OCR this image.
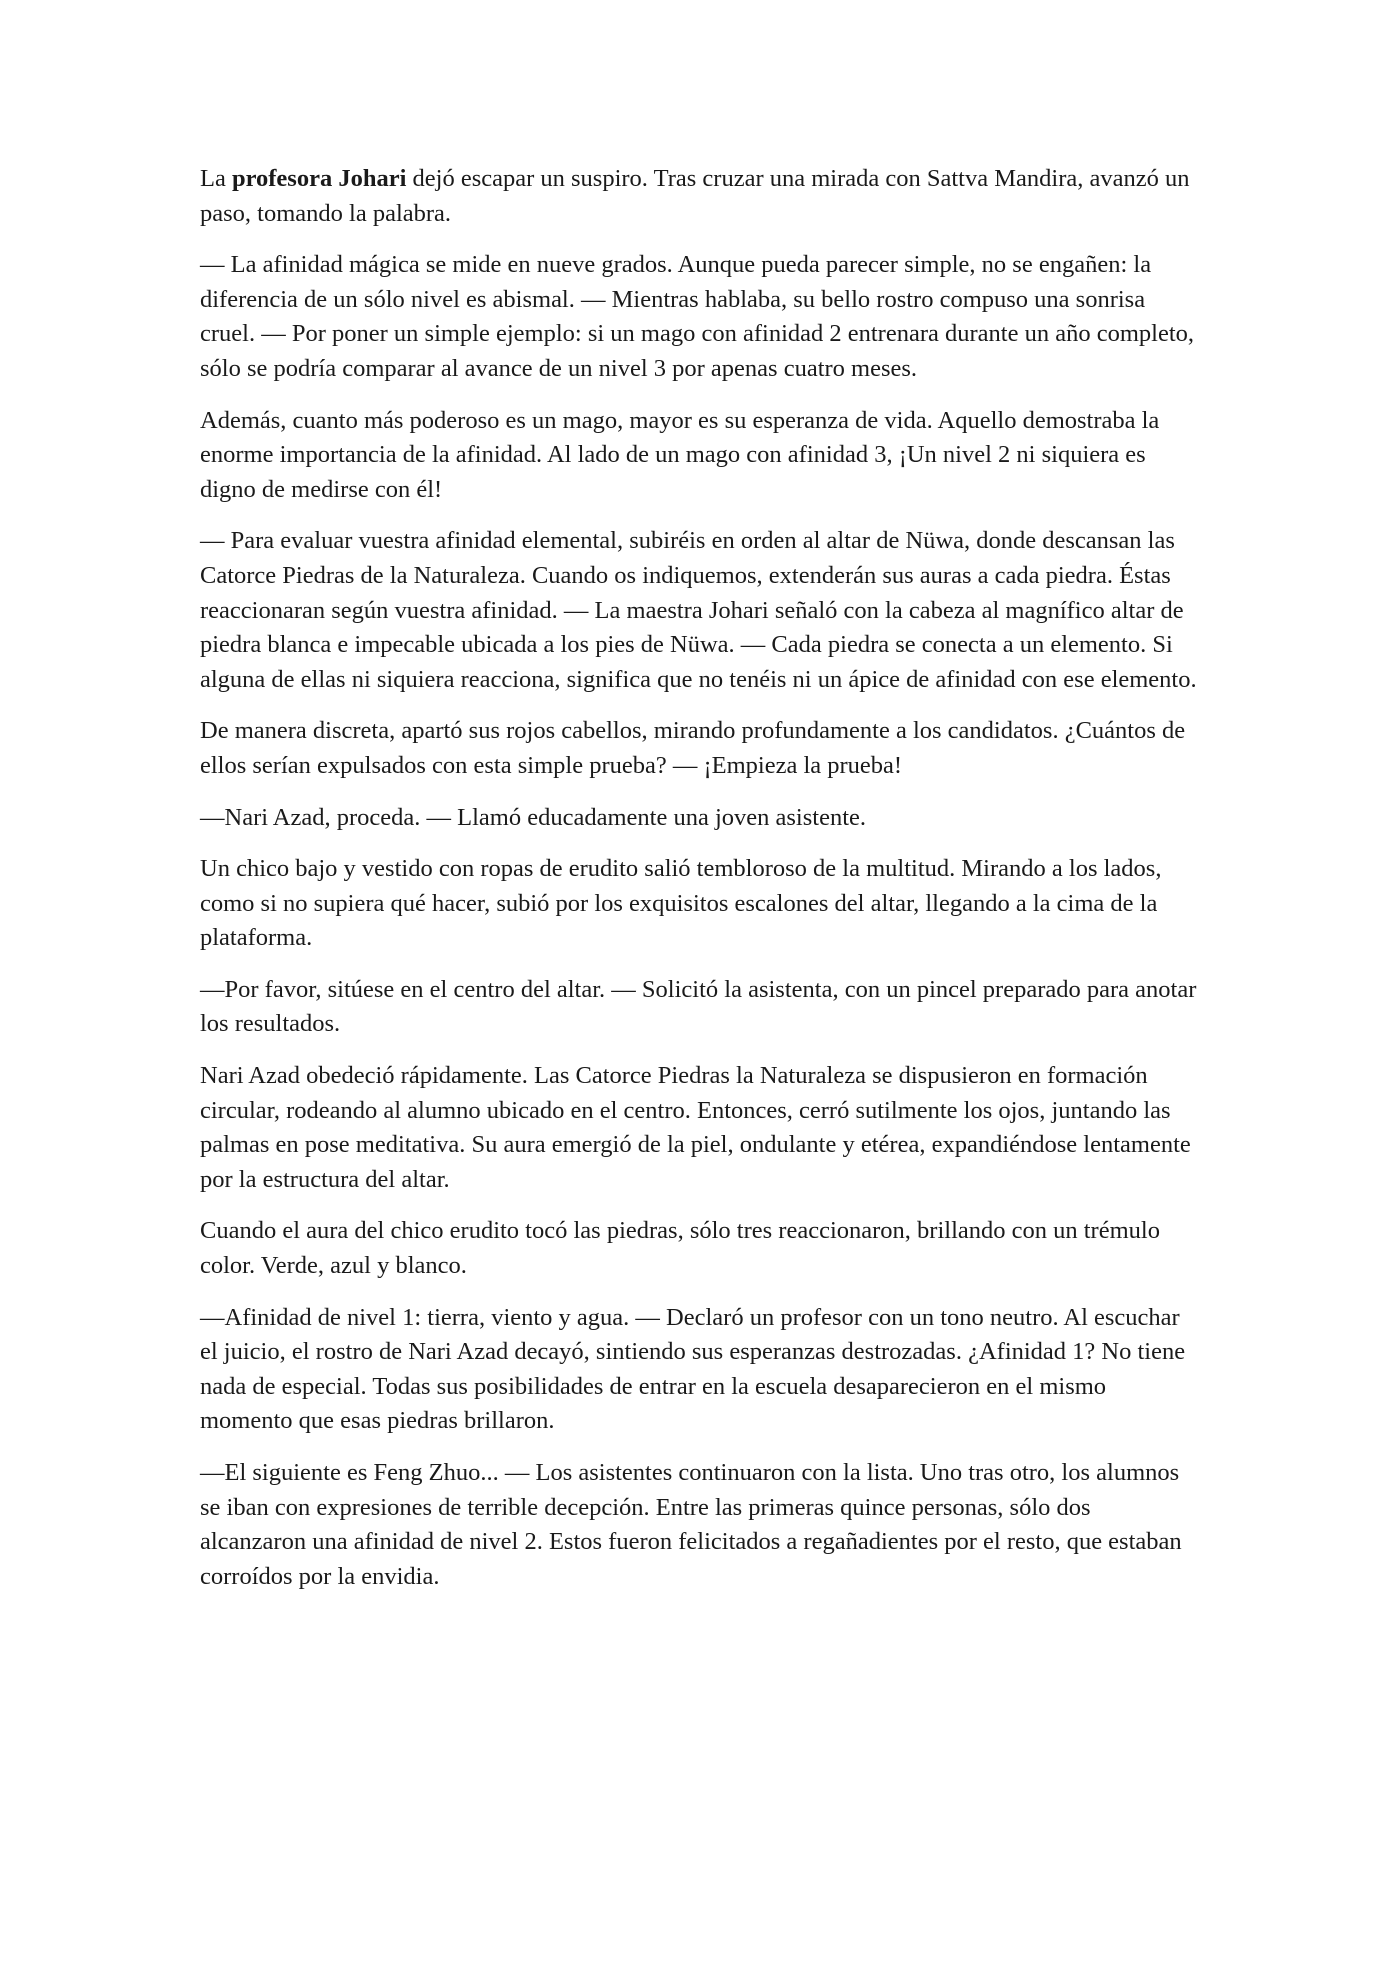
La profesora Johari dejó escapar un suspiro. Tras cruzar una mirada con Sattva Mandira, avanzó un paso, tomando la palabra.

— La afinidad mágica se mide en nueve grados. Aunque pueda parecer simple, no se engañen: la diferencia de un sólo nivel es abismal. — Mientras hablaba, su bello rostro compuso una sonrisa cruel. — Por poner un simple ejemplo: si un mago con afinidad 2 entrenara durante un año completo, sólo se podría comparar al avance de un nivel 3 por apenas cuatro meses.

Además, cuanto más poderoso es un mago, mayor es su esperanza de vida. Aquello demostraba la enorme importancia de la afinidad. Al lado de un mago con afinidad 3, ¡Un nivel 2 ni siquiera es digno de medirse con él!

— Para evaluar vuestra afinidad elemental, subiréis en orden al altar de Nüwa, donde descansan las Catorce Piedras de la Naturaleza. Cuando os indiquemos, extenderán sus auras a cada piedra. Éstas reaccionaran según vuestra afinidad. — La maestra Johari señaló con la cabeza al magnífico altar de piedra blanca e impecable ubicada a los pies de Nüwa. — Cada piedra se conecta a un elemento. Si alguna de ellas ni siquiera reacciona, significa que no tenéis ni un ápice de afinidad con ese elemento.

De manera discreta, apartó sus rojos cabellos, mirando profundamente a los candidatos. ¿Cuántos de ellos serían expulsados con esta simple prueba? — ¡Empieza la prueba!

—Nari Azad, proceda. — Llamó educadamente una joven asistente.

Un chico bajo y vestido con ropas de erudito salió tembloroso de la multitud. Mirando a los lados, como si no supiera qué hacer, subió por los exquisitos escalones del altar, llegando a la cima de la plataforma.

—Por favor, sitúese en el centro del altar. — Solicitó la asistenta, con un pincel preparado para anotar los resultados.

Nari Azad obedeció rápidamente. Las Catorce Piedras la Naturaleza se dispusieron en formación circular, rodeando al alumno ubicado en el centro. Entonces, cerró sutilmente los ojos, juntando las palmas en pose meditativa. Su aura emergió de la piel, ondulante y etérea, expandiéndose lentamente por la estructura del altar.

Cuando el aura del chico erudito tocó las piedras, sólo tres reaccionaron, brillando con un trémulo color. Verde, azul y blanco.

—Afinidad de nivel 1: tierra, viento y agua. — Declaró un profesor con un tono neutro. Al escuchar el juicio, el rostro de Nari Azad decayó, sintiendo sus esperanzas destrozadas. ¿Afinidad 1? No tiene nada de especial. Todas sus posibilidades de entrar en la escuela desaparecieron en el mismo momento que esas piedras brillaron.

—El siguiente es Feng Zhuo... — Los asistentes continuaron con la lista. Uno tras otro, los alumnos se iban con expresiones de terrible decepción. Entre las primeras quince personas, sólo dos alcanzaron una afinidad de nivel 2. Estos fueron felicitados a regañadientes por el resto, que estaban corroídos por la envidia.
